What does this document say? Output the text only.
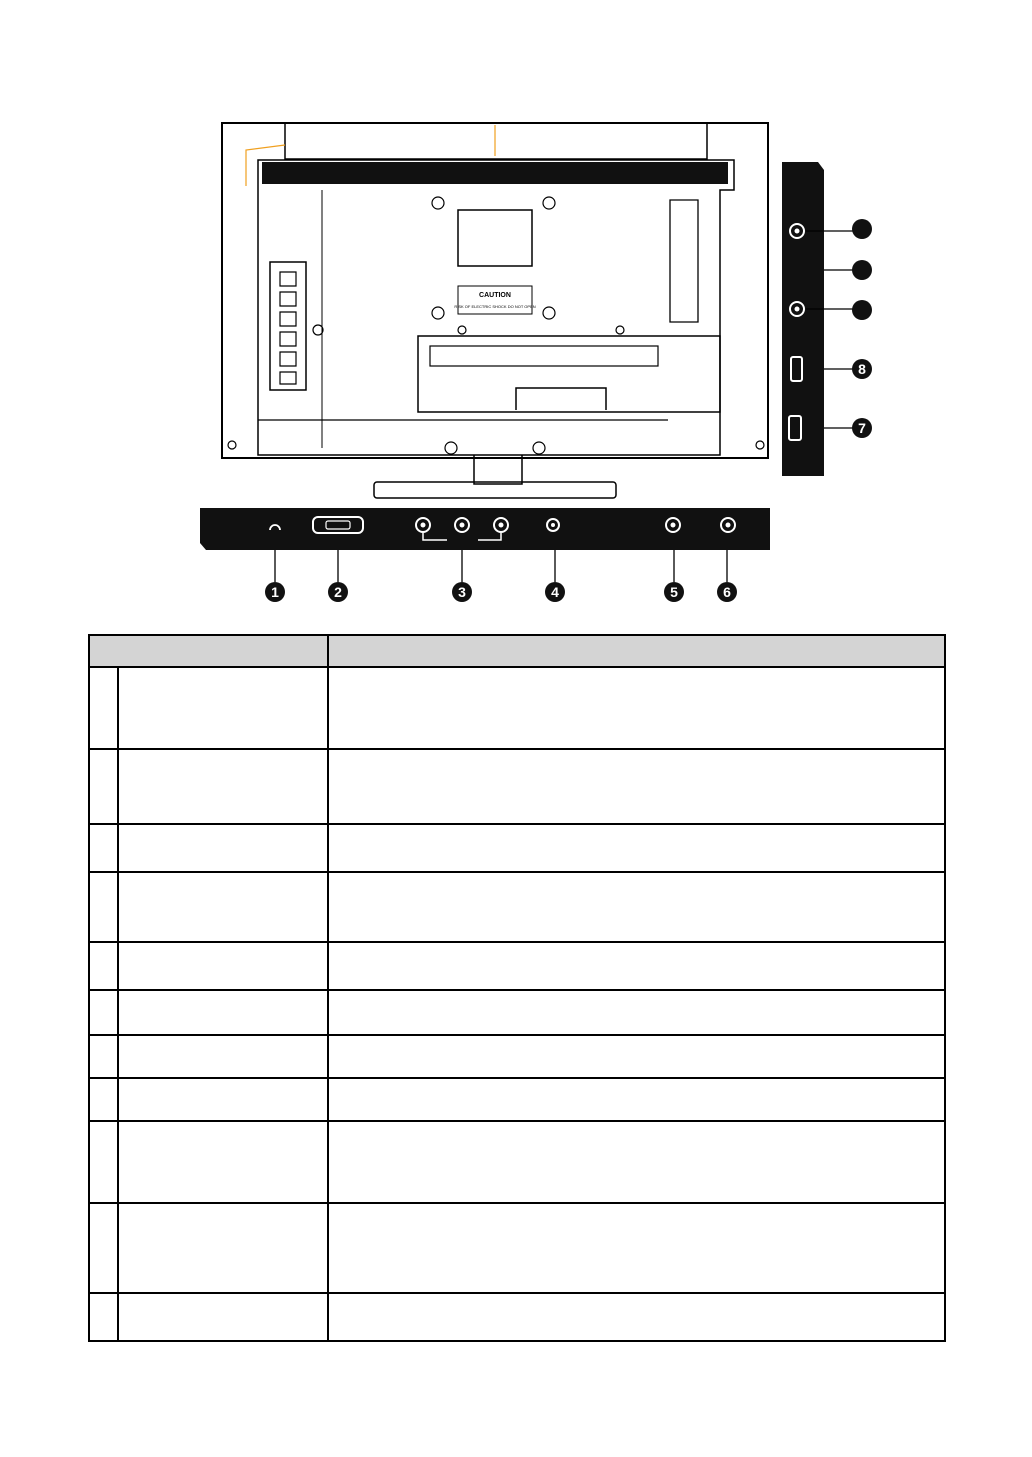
CAUTION
RISK OF ELECTRIC SHOCK DO NOT OPEN
8
7
1	2	3	4	5	6
